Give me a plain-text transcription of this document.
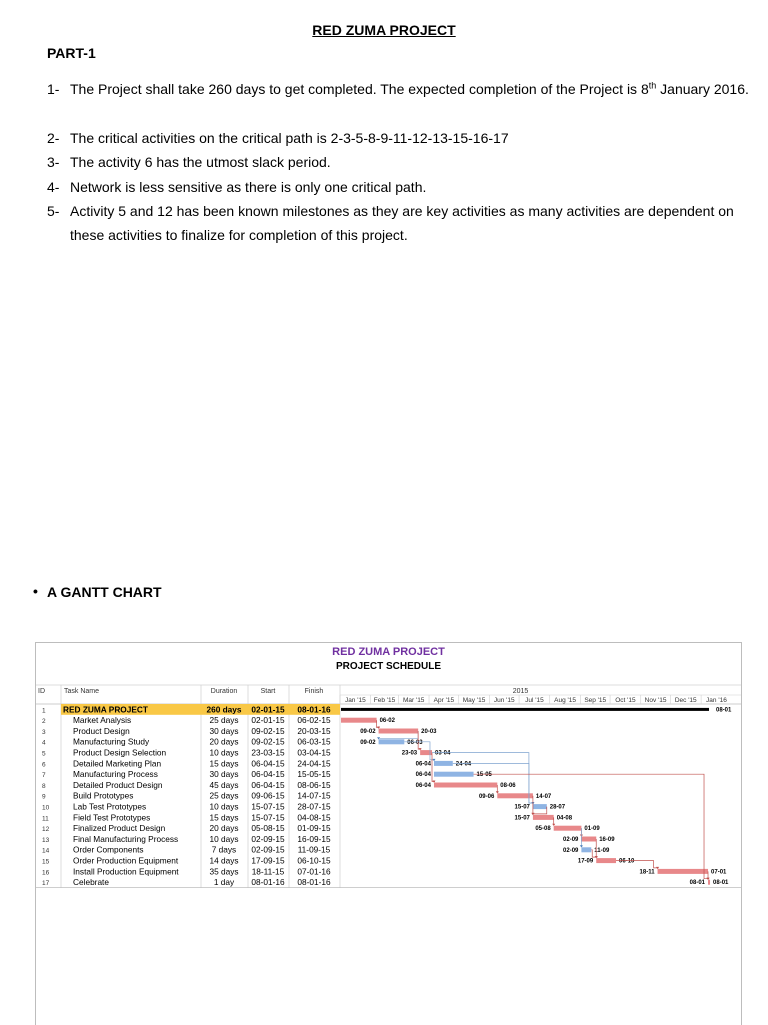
RED ZUMA PROJECT
PART-1
1- The Project shall take 260 days to get completed. The expected completion of the Project is 8th January 2016.
2- The critical activities on the critical path is 2-3-5-8-9-11-12-13-15-16-17
3- The activity 6 has the utmost slack period.
4- Network is less sensitive as there is only one critical path.
5- Activity 5 and 12 has been known milestones as they are key activities as many activities are dependent on these activities to finalize for completion of this project.
• A GANTT CHART
RED ZUMA PROJECT
PROJECT SCHEDULE
ID	Task Name	Duration	Start	Finish	2015
Jan '15 Feb '15 Mar '15 Apr '15 May '15 Jun '15 Jul '15 Aug '15 Sep '15 Oct '15 Nov '15 Dec '15 Jan '16
1 RED ZUMA PROJECT	260 days 02-01-15 08-01-16	08-01
2	Market Analysis	25 days 02-01-15 06-02-15	06-02
3	Product Design	30 days 09-02-15 20-03-15	09-02	20-03
4	Manufacturing Study	20 days 09-02-15 06-03-15	09-02	06-03
5	Product Design Selection	10 days 23-03-15 03-04-15	23-03	03-04
6	Detailed Marketing Plan	15 days 06-04-15 24-04-15	06-04	24-04
7	Manufacturing Process	30 days 06-04-15 15-05-15	06-04	15-05
8	Detailed Product Design	45 days 06-04-15 08-06-15	06-04	08-06
9	Build Prototypes	25 days 09-06-15 14-07-15	09-06	14-07
10	Lab Test Prototypes	10 days 15-07-15 28-07-15	15-07	28-07
11	Field Test Prototypes	15 days 15-07-15 04-08-15	15-07	04-08
12	Finalized Product Design	20 days 05-08-15 01-09-15	05-08	01-09
13	Final Manufacturing Process	10 days 02-09-15 16-09-15	02-09	16-09
14	Order Components	7 days 02-09-15 11-09-15	02-09	11-09
15	Order Production Equipment	14 days 17-09-15 06-10-15	17-09	06-10
16	Install Production Equipment	35 days 18-11-15 07-01-16	18-11	07-01
17	Celebrate	1 day 08-01-16 08-01-16	08-01 08-01
